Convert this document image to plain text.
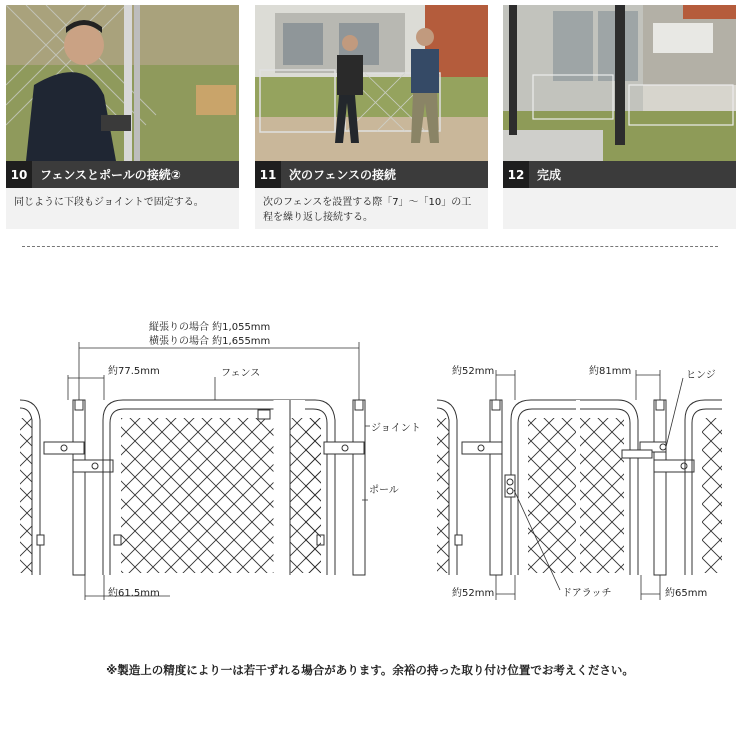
10	フェンスとポールの接続②
同じように下段もジョイントで固定する。
11	次のフェンスの接続
次のフェンスを設置する際「7」～「10」の工程を繰り返し接続する。
12	完成
縦張りの場合 約1,055mm
横張りの場合 約1,655mm
約77.5mm	フェンス
ジョイント
ポール
約61.5mm
約52mm	約81mm	ヒンジ
約52mm	ドアラッチ	約65mm
※製造上の精度により一は若干ずれる場合があります。余裕の持った取り付け位置でお考えください。
